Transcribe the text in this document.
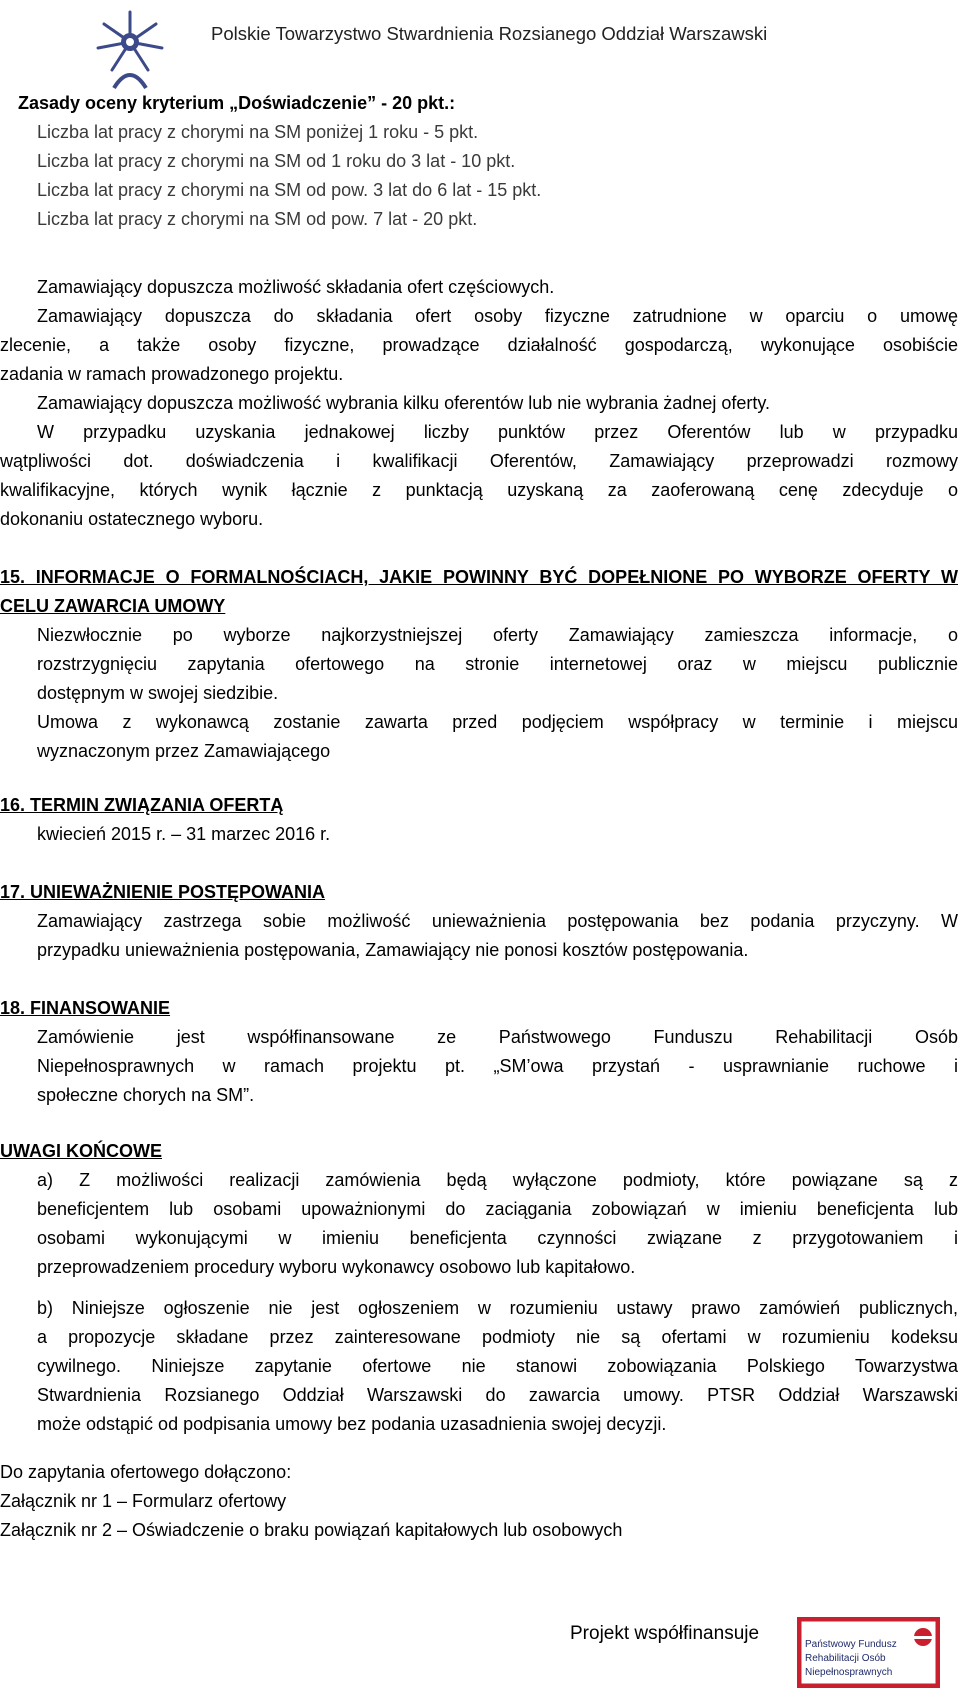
Polskie Towarzystwo Stwardnienia Rozsianego Oddział Warszawski
Zasady oceny kryterium „Doświadczenie” - 20 pkt.:
Liczba lat pracy z chorymi na SM poniżej 1 roku - 5 pkt.
Liczba lat pracy z chorymi na SM od 1 roku do 3 lat - 10 pkt.
Liczba lat pracy z chorymi na SM od pow. 3 lat do 6 lat - 15 pkt.
Liczba lat pracy z chorymi na SM od pow. 7 lat - 20 pkt.
Zamawiający dopuszcza możliwość składania ofert częściowych.
Zamawiający dopuszcza do składania ofert osoby fizyczne zatrudnione w oparciu o umowę
zlecenie, a także osoby fizyczne, prowadzące działalność gospodarczą, wykonujące osobiście
zadania w ramach prowadzonego projektu.
Zamawiający dopuszcza możliwość wybrania kilku oferentów lub nie wybrania żadnej oferty.
W przypadku uzyskania jednakowej liczby punktów przez Oferentów lub w przypadku
wątpliwości dot. doświadczenia i kwalifikacji Oferentów, Zamawiający przeprowadzi rozmowy
kwalifikacyjne, których wynik łącznie z punktacją uzyskaną za zaoferowaną cenę zdecyduje o
dokonaniu ostatecznego wyboru.
15. INFORMACJE O FORMALNOŚCIACH, JAKIE POWINNY BYĆ DOPEŁNIONE PO WYBORZE OFERTY W
CELU ZAWARCIA UMOWY
Niezwłocznie po wyborze najkorzystniejszej oferty Zamawiający zamieszcza informacje, o
rozstrzygnięciu zapytania ofertowego na stronie internetowej oraz w miejscu publicznie
dostępnym w swojej siedzibie.
Umowa z wykonawcą zostanie zawarta przed podjęciem współpracy w terminie i miejscu
wyznaczonym przez Zamawiającego
16. TERMIN ZWIĄZANIA OFERTĄ
kwiecień 2015 r. – 31 marzec 2016 r.
17. UNIEWAŻNIENIE POSTĘPOWANIA
Zamawiający zastrzega sobie możliwość unieważnienia postępowania bez podania przyczyny. W
przypadku unieważnienia postępowania, Zamawiający nie ponosi kosztów postępowania.
18. FINANSOWANIE
Zamówienie jest współfinansowane ze Państwowego Funduszu Rehabilitacji Osób
Niepełnosprawnych w ramach projektu pt. „SM’owa przystań - usprawnianie ruchowe i
społeczne chorych na SM”.
UWAGI KOŃCOWE
a) Z możliwości realizacji zamówienia będą wyłączone podmioty, które powiązane są z
beneficjentem lub osobami upoważnionymi do zaciągania zobowiązań w imieniu beneficjenta lub
osobami wykonującymi w imieniu beneficjenta czynności związane z przygotowaniem i
przeprowadzeniem procedury wyboru wykonawcy osobowo lub kapitałowo.
b) Niniejsze ogłoszenie nie jest ogłoszeniem w rozumieniu ustawy prawo zamówień publicznych,
a propozycje składane przez zainteresowane podmioty nie są ofertami w rozumieniu kodeksu
cywilnego. Niniejsze zapytanie ofertowe nie stanowi zobowiązania Polskiego Towarzystwa
Stwardnienia Rozsianego Oddział Warszawski do zawarcia umowy. PTSR Oddział Warszawski
może odstąpić od podpisania umowy bez podania uzasadnienia swojej decyzji.
Do zapytania ofertowego dołączono:
Załącznik nr 1 – Formularz ofertowy
Załącznik nr 2 – Oświadczenie o braku powiązań kapitałowych lub osobowych
Projekt współfinansuje
Państwowy Fundusz
Rehabilitacji Osób
Niepełnosprawnych
